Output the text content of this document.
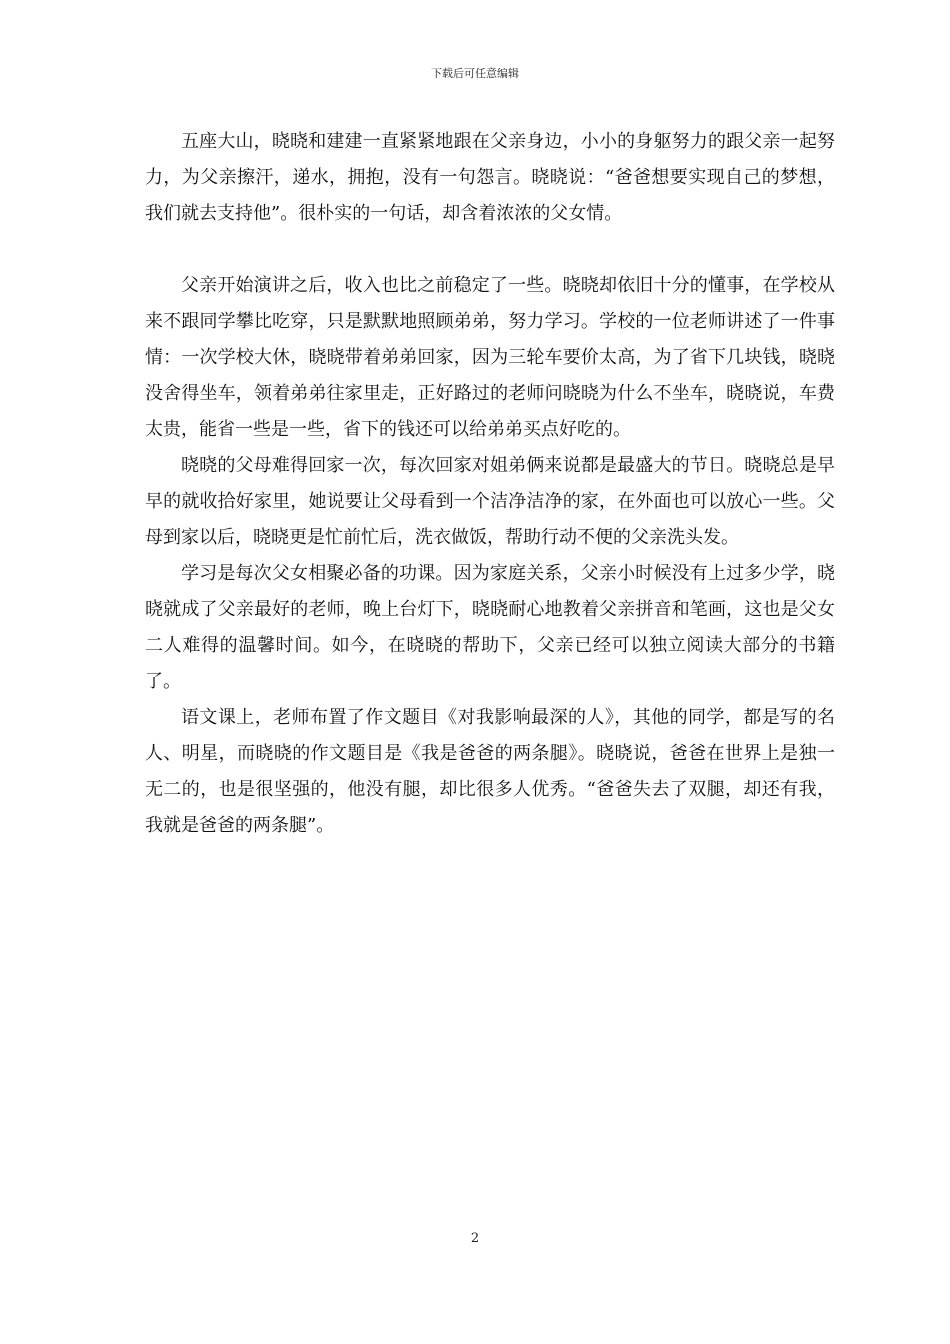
下载后可任意编辑

五座大山，晓晓和建建一直紧紧地跟在父亲身边，小小的身躯努力的跟父亲一起努力，为父亲擦汗，递水，拥抱，没有一句怨言。晓晓说：“爸爸想要实现自己的梦想，我们就去支持他”。很朴实的一句话，却含着浓浓的父女情。

父亲开始演讲之后，收入也比之前稳定了一些。晓晓却依旧十分的懂事，在学校从来不跟同学攀比吃穿，只是默默地照顾弟弟，努力学习。学校的一位老师讲述了一件事情：一次学校大休，晓晓带着弟弟回家，因为三轮车要价太高，为了省下几块钱，晓晓没舍得坐车，领着弟弟往家里走，正好路过的老师问晓晓为什么不坐车，晓晓说，车费太贵，能省一些是一些，省下的钱还可以给弟弟买点好吃的。

晓晓的父母难得回家一次，每次回家对姐弟俩来说都是最盛大的节日。晓晓总是早早的就收拾好家里，她说要让父母看到一个洁净洁净的家，在外面也可以放心一些。父母到家以后，晓晓更是忙前忙后，洗衣做饭，帮助行动不便的父亲洗头发。

学习是每次父女相聚必备的功课。因为家庭关系，父亲小时候没有上过多少学，晓晓就成了父亲最好的老师，晚上台灯下，晓晓耐心地教着父亲拼音和笔画，这也是父女二人难得的温馨时间。如今，在晓晓的帮助下，父亲已经可以独立阅读大部分的书籍了。

语文课上，老师布置了作文题目《对我影响最深的人》，其他的同学，都是写的名人、明星，而晓晓的作文题目是《我是爸爸的两条腿》。晓晓说，爸爸在世界上是独一无二的，也是很坚强的，他没有腿，却比很多人优秀。“爸爸失去了双腿，却还有我，我就是爸爸的两条腿”。

2
